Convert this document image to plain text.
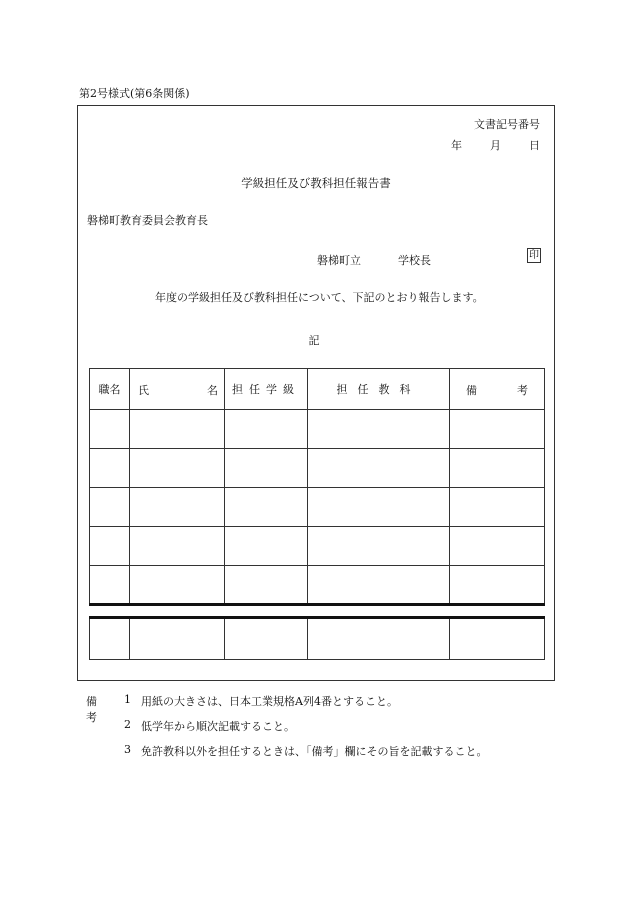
第2号様式(第6条関係)
文書記号番号
年	月	日
学級担任及び教科担任報告書
磐梯町教育委員会教育長
磐梯町立	学校長	印
年度の学級担任及び教科担任について、下記のとおり報告します。
記
職名	氏 名	担任学級	担任教科	備 考

備考
1 用紙の大きさは、日本工業規格A列4番とすること。
2 低学年から順次記載すること。
3 免許教科以外を担任するときは、「備考」欄にその旨を記載すること。
